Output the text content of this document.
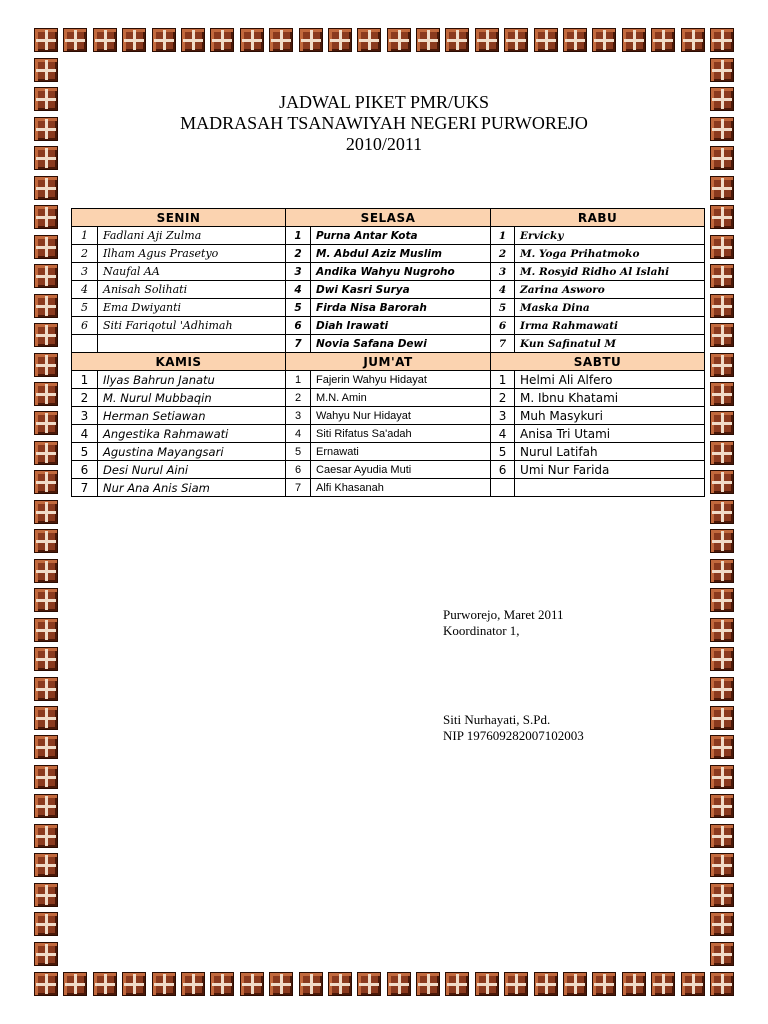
JADWAL PIKET PMR/UKS
MADRASAH TSANAWIYAH NEGERI PURWOREJO
2010/2011
SENIN		SELASA		RABU	
1	Fadlani Aji Zulma	1	Purna Antar Kota	1	Ervicky
2	Ilham Agus Prasetyo	2	M. Abdul Aziz Muslim	2	M. Yoga Prihatmoko
3	Naufal AA	3	Andika Wahyu Nugroho	3	M. Rosyid Ridho Al Islahi
4	Anisah Solihati	4	Dwi Kasri Surya	4	Zarina Asworo
5	Ema Dwiyanti	5	Firda Nisa Barorah	5	Maska Dina
6	Siti Fariqotul 'Adhimah	6	Diah Irawati	6	Irma Rahmawati
		7	Novia Safana Dewi	7	Kun Safinatul M
KAMIS		JUM'AT		SABTU	
1	Ilyas Bahrun Janatu	1	Fajerin Wahyu Hidayat	1	Helmi Ali Alfero
2	M. Nurul Mubbaqin	2	M.N. Amin	2	M. Ibnu Khatami
3	Herman Setiawan	3	Wahyu Nur Hidayat	3	Muh Masykuri
4	Angestika Rahmawati	4	Siti Rifatus Sa'adah	4	Anisa Tri Utami
5	Agustina Mayangsari	5	Ernawati	5	Nurul Latifah
6	Desi Nurul Aini	6	Caesar Ayudia Muti	6	Umi Nur Farida
7	Nur Ana Anis Siam	7	Alfi Khasanah		
Purworejo, Maret 2011
Koordinator 1,
Siti Nurhayati, S.Pd.
NIP 197609282007102003
